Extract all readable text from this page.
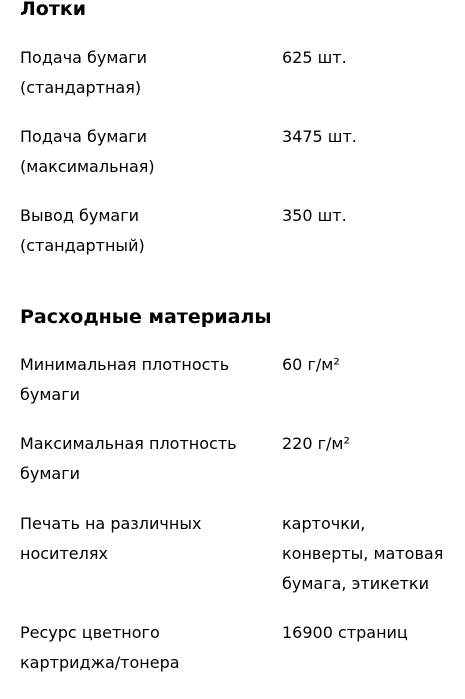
Лотки
Подача бумаги
(стандартная)
625 шт.
Подача бумаги
(максимальная)
3475 шт.
Вывод бумаги
(стандартный)
350 шт.
Расходные материалы
Минимальная плотность
бумаги
60 г/м²
Максимальная плотность
бумаги
220 г/м²
Печать на различных
носителях
карточки,
конверты, матовая
бумага, этикетки
Ресурс цветного
картриджа/тонера
16900 страниц
